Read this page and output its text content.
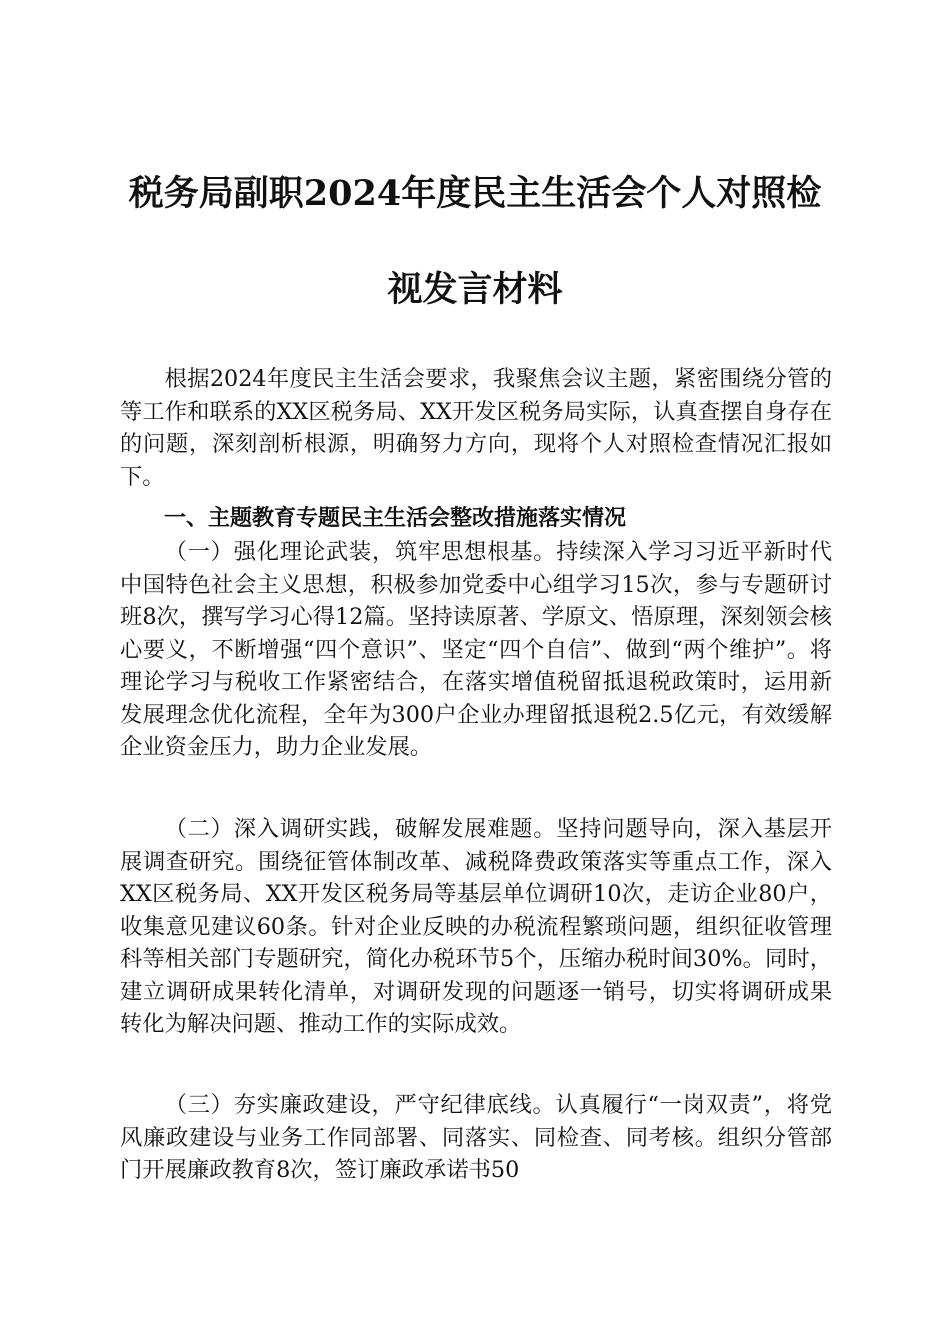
税务局副职2024年度民主生活会个人对照检
视发言材料

根据2024年度民主生活会要求，我聚焦会议主题，紧密围绕分管的等工作和联系的XX区税务局、XX开发区税务局实际，认真查摆自身存在的问题，深刻剖析根源，明确努力方向，现将个人对照检查情况汇报如下。

一、主题教育专题民主生活会整改措施落实情况

（一）强化理论武装，筑牢思想根基。持续深入学习习近平新时代中国特色社会主义思想，积极参加党委中心组学习15次，参与专题研讨班8次，撰写学习心得12篇。坚持读原著、学原文、悟原理，深刻领会核心要义，不断增强“四个意识”、坚定“四个自信”、做到“两个维护”。将理论学习与税收工作紧密结合，在落实增值税留抵退税政策时，运用新发展理念优化流程，全年为300户企业办理留抵退税2.5亿元，有效缓解企业资金压力，助力企业发展。

（二）深入调研实践，破解发展难题。坚持问题导向，深入基层开展调查研究。围绕征管体制改革、减税降费政策落实等重点工作，深入XX区税务局、XX开发区税务局等基层单位调研10次，走访企业80户，收集意见建议60条。针对企业反映的办税流程繁琐问题，组织征收管理科等相关部门专题研究，简化办税环节5个，压缩办税时间30%。同时，建立调研成果转化清单，对调研发现的问题逐一销号，切实将调研成果转化为解决问题、推动工作的实际成效。

（三）夯实廉政建设，严守纪律底线。认真履行“一岗双责”，将党风廉政建设与业务工作同部署、同落实、同检查、同考核。组织分管部门开展廉政教育8次，签订廉政承诺书50
